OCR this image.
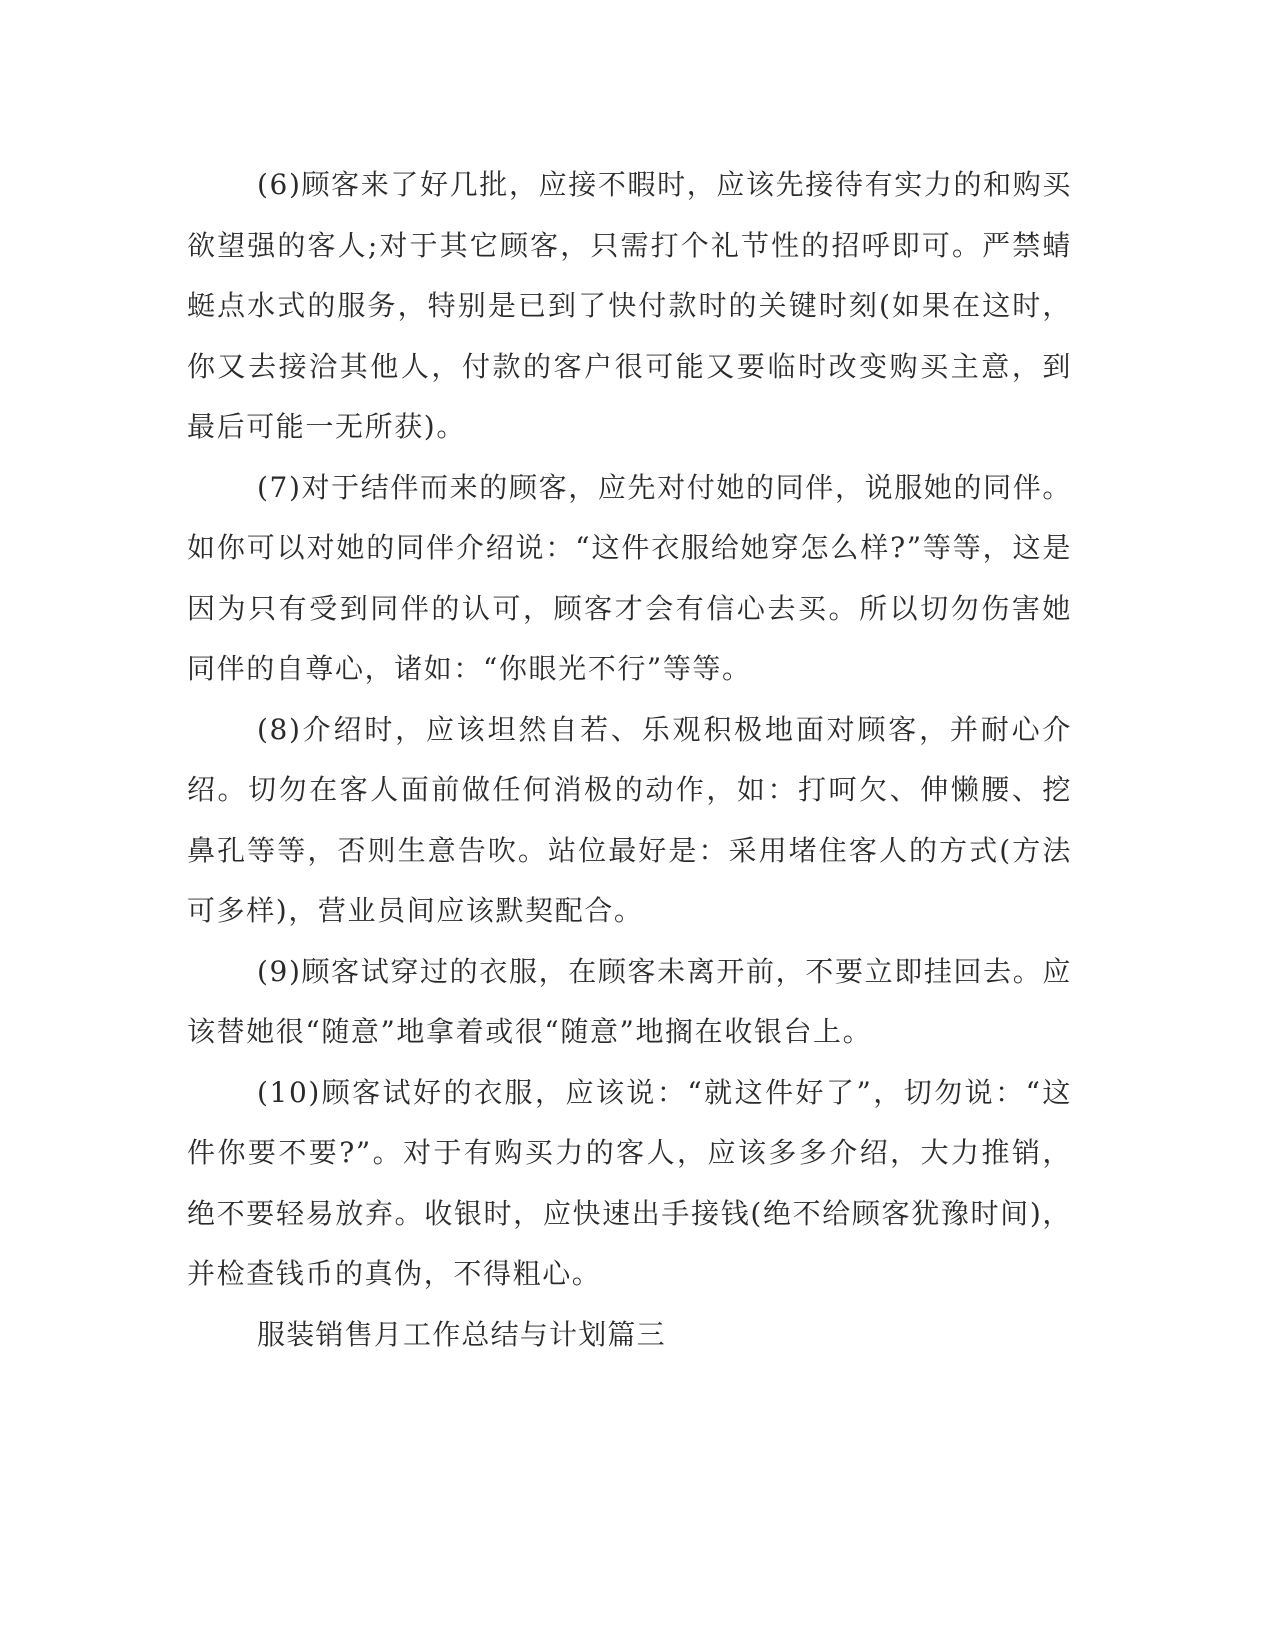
(6)顾客来了好几批，应接不暇时，应该先接待有实力的和购买欲望强的客人;对于其它顾客，只需打个礼节性的招呼即可。严禁蜻蜓点水式的服务，特别是已到了快付款时的关键时刻(如果在这时，你又去接洽其他人，付款的客户很可能又要临时改变购买主意，到最后可能一无所获)。

(7)对于结伴而来的顾客，应先对付她的同伴，说服她的同伴。如你可以对她的同伴介绍说：“这件衣服给她穿怎么样?”等等，这是因为只有受到同伴的认可，顾客才会有信心去买。所以切勿伤害她同伴的自尊心，诸如：“你眼光不行”等等。

(8)介绍时，应该坦然自若、乐观积极地面对顾客，并耐心介绍。切勿在客人面前做任何消极的动作，如：打呵欠、伸懒腰、挖鼻孔等等，否则生意告吹。站位最好是：采用堵住客人的方式(方法可多样)，营业员间应该默契配合。

(9)顾客试穿过的衣服，在顾客未离开前，不要立即挂回去。应该替她很“随意”地拿着或很“随意”地搁在收银台上。

(10)顾客试好的衣服，应该说：“就这件好了”，切勿说：“这件你要不要?”。对于有购买力的客人，应该多多介绍，大力推销，绝不要轻易放弃。收银时，应快速出手接钱(绝不给顾客犹豫时间)，并检查钱币的真伪，不得粗心。

服装销售月工作总结与计划篇三
